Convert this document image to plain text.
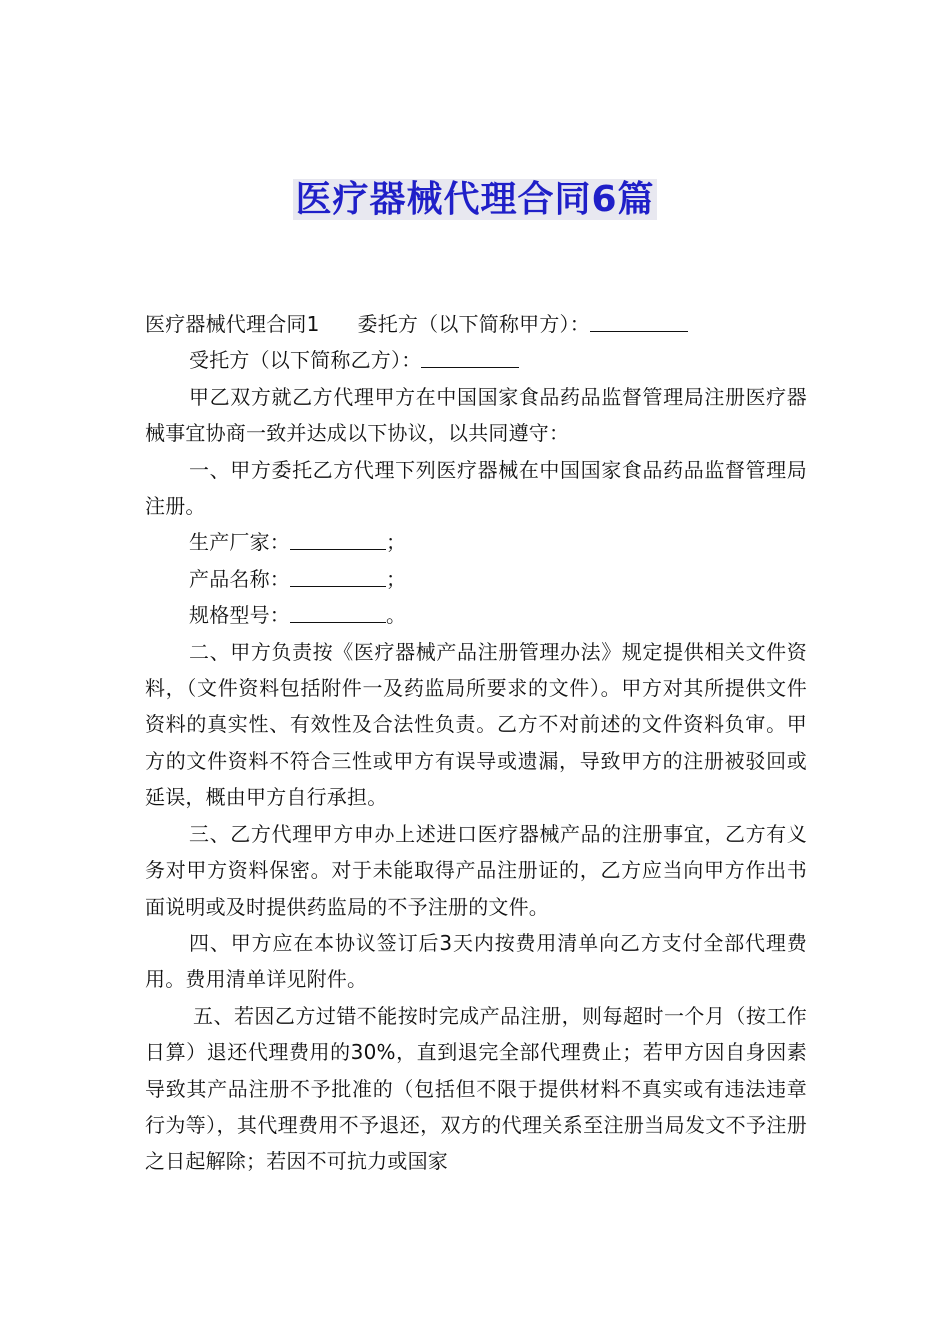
医疗器械代理合同6篇

医疗器械代理合同1 委托方（以下简称甲方）：

受托方（以下简称乙方）：

甲乙双方就乙方代理甲方在中国国家食品药品监督管理局注册医疗器械事宜协商一致并达成以下协议，以共同遵守：

一、甲方委托乙方代理下列医疗器械在中国国家食品药品监督管理局注册。

生产厂家：	；

产品名称：	；

规格型号：	。

二、甲方负责按《医疗器械产品注册管理办法》规定提供相关文件资料，（文件资料包括附件一及药监局所要求的文件）。甲方对其所提供文件资料的真实性、有效性及合法性负责。乙方不对前述的文件资料负审。甲方的文件资料不符合三性或甲方有误导或遗漏，导致甲方的注册被驳回或延误，概由甲方自行承担。

三、乙方代理甲方申办上述进口医疗器械产品的注册事宜，乙方有义务对甲方资料保密。对于未能取得产品注册证的，乙方应当向甲方作出书面说明或及时提供药监局的不予注册的文件。

四、甲方应在本协议签订后3天内按费用清单向乙方支付全部代理费用。费用清单详见附件。

五、若因乙方过错不能按时完成产品注册，则每超时一个月（按工作日算）退还代理费用的30%，直到退完全部代理费止；若甲方因自身因素导致其产品注册不予批准的（包括但不限于提供材料不真实或有违法违章行为等），其代理费用不予退还，双方的代理关系至注册当局发文不予注册之日起解除；若因不可抗力或国家
